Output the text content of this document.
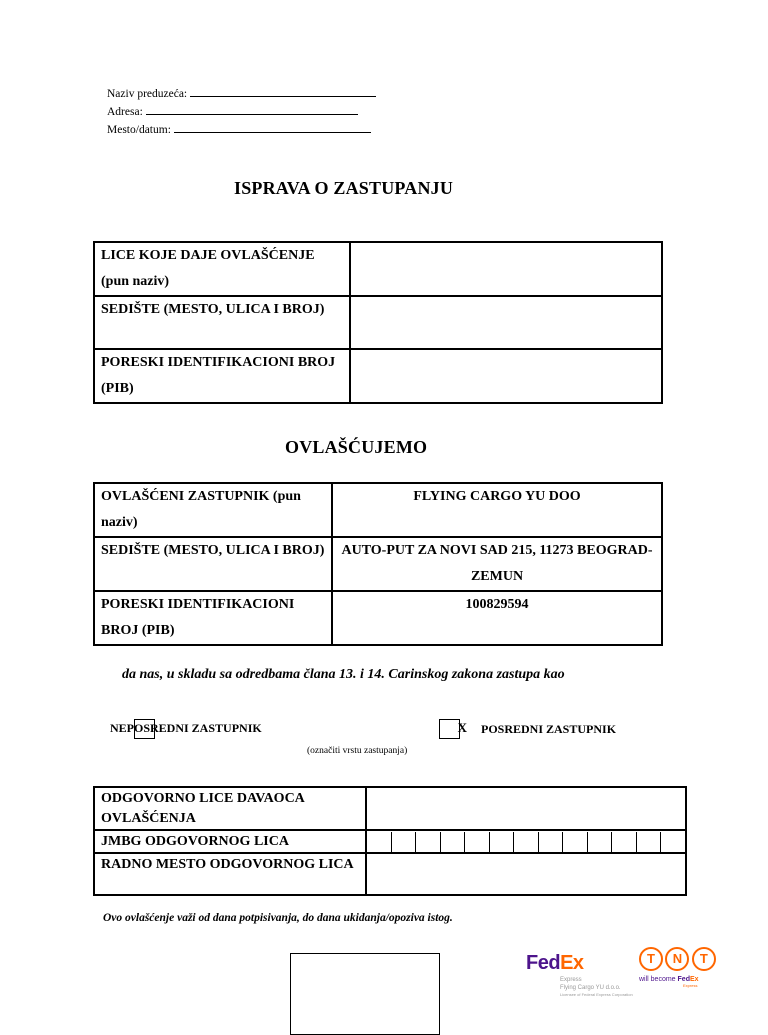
Naziv preduzeća:
Adresa:
Mesto/datum:
ISPRAVA O ZASTUPANJU
LICE KOJE DAJE OVLAŠĆENJE (pun naziv)	
SEDIŠTE (MESTO, ULICA I BROJ)	
PORESKI IDENTIFIKACIONI BROJ (PIB)	
OVLAŠĆUJEMO
OVLAŠĆENI ZASTUPNIK (pun naziv)	FLYING CARGO YU DOO
SEDIŠTE (MESTO, ULICA I BROJ)	AUTO-PUT ZA NOVI SAD 215, 11273 BEOGRAD-ZEMUN
PORESKI IDENTIFIKACIONI BROJ (PIB)	100829594
da nas, u skladu sa odredbama člana 13. i 14. Carinskog zakona zastupa kao
NEPOSREDNI ZASTUPNIK	X POSREDNI ZASTUPNIK
(označiti vrstu zastupanja)
ODGOVORNO LICE DAVAOCA OVLAŠĆENJA	
JMBG ODGOVORNOG LICA	

RADNO MESTO ODGOVORNOG LICA	
Ovo ovlašćenje važi od dana potpisivanja, do dana ukidanja/opoziva istog.
FedEx
Express
Flying Cargo YU d.o.o.
Licensee of Federal Express Corporation
T N T
will become FedEx
Express
